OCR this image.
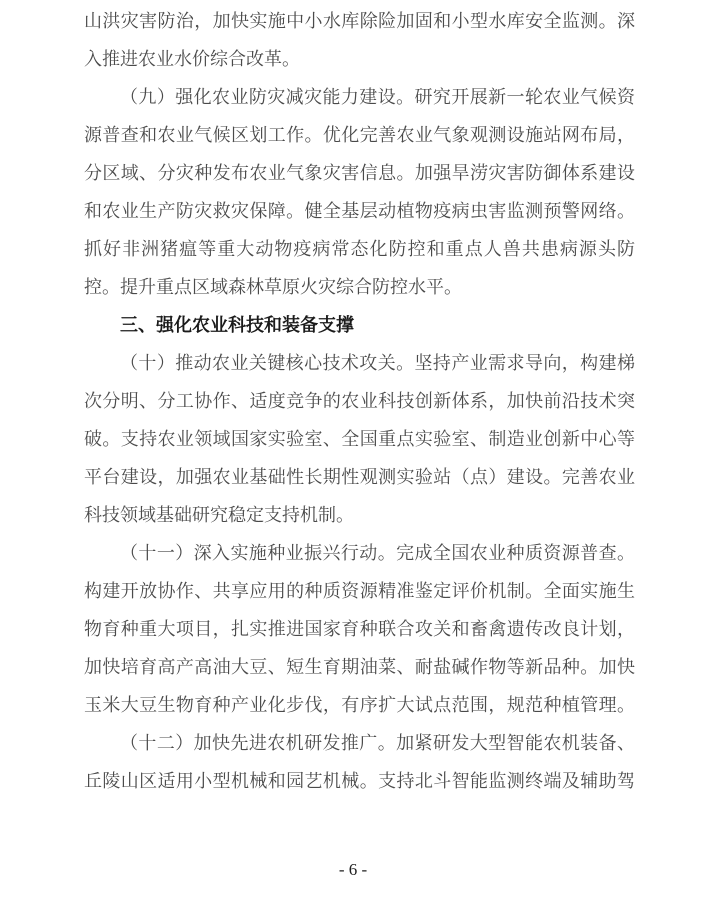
山洪灾害防治，加快实施中小水库除险加固和小型水库安全监测。深
入推进农业水价综合改革。
（九）强化农业防灾减灾能力建设。研究开展新一轮农业气候资
源普查和农业气候区划工作。优化完善农业气象观测设施站网布局，
分区域、分灾种发布农业气象灾害信息。加强旱涝灾害防御体系建设
和农业生产防灾救灾保障。健全基层动植物疫病虫害监测预警网络。
抓好非洲猪瘟等重大动物疫病常态化防控和重点人兽共患病源头防
控。提升重点区域森林草原火灾综合防控水平。
三、强化农业科技和装备支撑
（十）推动农业关键核心技术攻关。坚持产业需求导向，构建梯
次分明、分工协作、适度竞争的农业科技创新体系，加快前沿技术突
破。支持农业领域国家实验室、全国重点实验室、制造业创新中心等
平台建设，加强农业基础性长期性观测实验站（点）建设。完善农业
科技领域基础研究稳定支持机制。
（十一）深入实施种业振兴行动。完成全国农业种质资源普查。
构建开放协作、共享应用的种质资源精准鉴定评价机制。全面实施生
物育种重大项目，扎实推进国家育种联合攻关和畜禽遗传改良计划，
加快培育高产高油大豆、短生育期油菜、耐盐碱作物等新品种。加快
玉米大豆生物育种产业化步伐，有序扩大试点范围，规范种植管理。
（十二）加快先进农机研发推广。加紧研发大型智能农机装备、
丘陵山区适用小型机械和园艺机械。支持北斗智能监测终端及辅助驾
- 6 -
